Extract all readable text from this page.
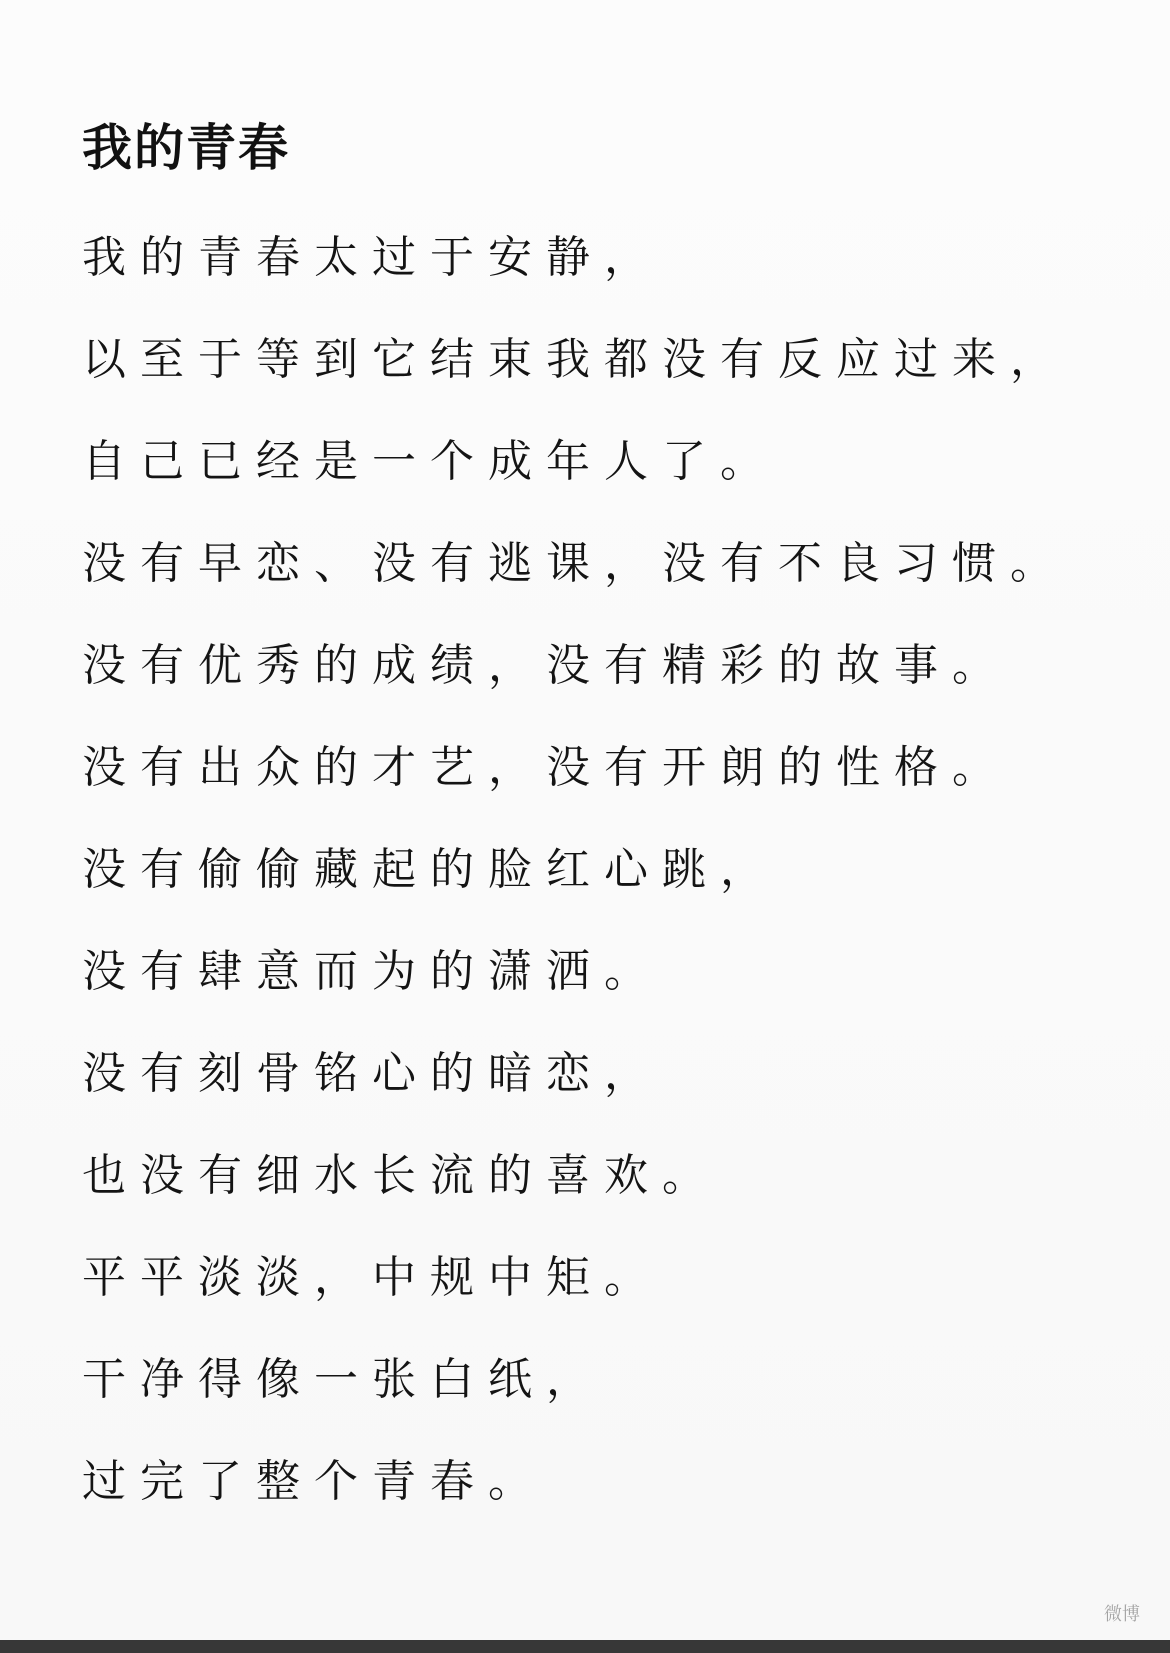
我的青春
我的青春太过于安静，
以至于等到它结束我都没有反应过来，
自己已经是一个成年人了。
没有早恋、没有逃课，没有不良习惯。
没有优秀的成绩，没有精彩的故事。
没有出众的才艺，没有开朗的性格。
没有偷偷藏起的脸红心跳，
没有肆意而为的潇洒。
没有刻骨铭心的暗恋，
也没有细水长流的喜欢。
平平淡淡，中规中矩。
干净得像一张白纸，
过完了整个青春。
微博
